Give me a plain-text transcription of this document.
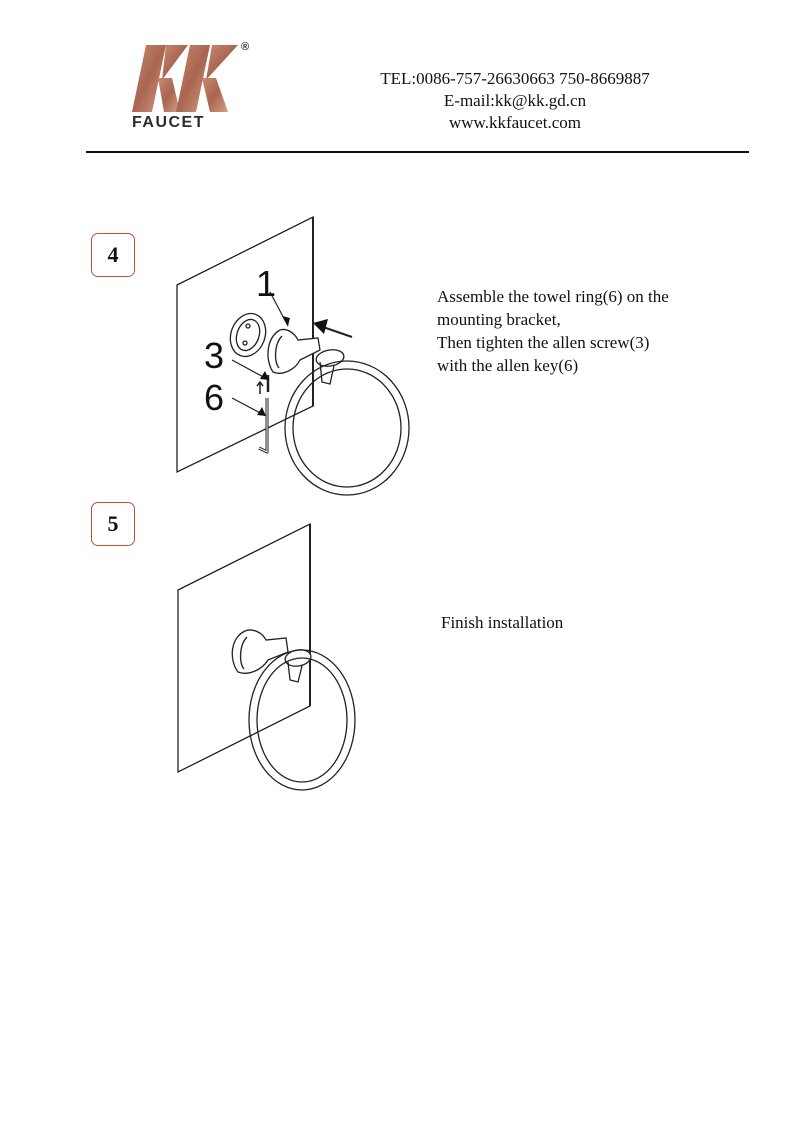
®
FAUCET
TEL:0086-757-26630663 750-8669887
E-mail:kk@kk.gd.cn
www.kkfaucet.com
4
1
3
6
Assemble the towel ring(6) on the
mounting bracket,
Then tighten the allen screw(3)
with the allen key(6)
5
Finish installation
